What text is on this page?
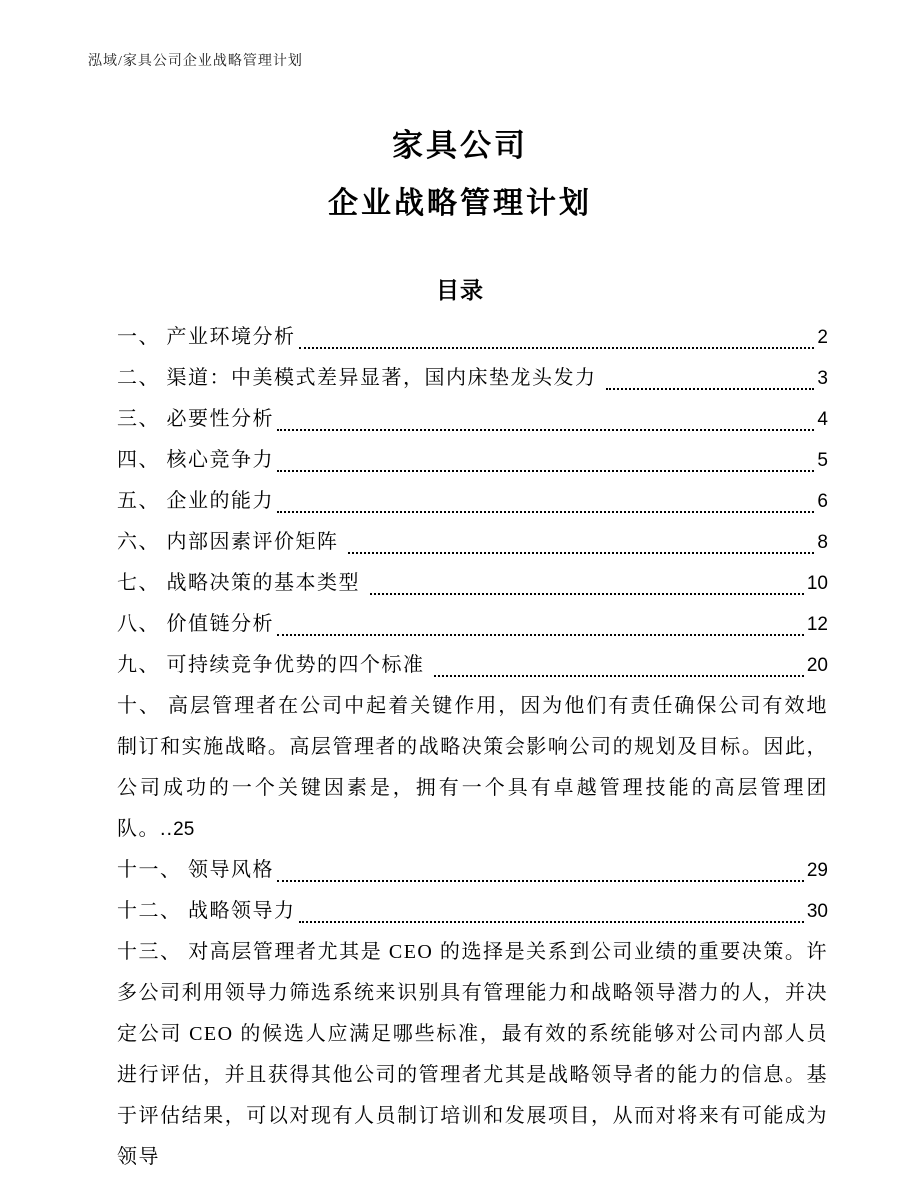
泓域/家具公司企业战略管理计划
家具公司
企业战略管理计划
目录
一、 产业环境分析	2
二、 渠道：中美模式差异显著，国内床垫龙头发力	3
三、 必要性分析	4
四、 核心竞争力	5
五、 企业的能力	6
六、 内部因素评价矩阵	8
七、 战略决策的基本类型	10
八、 价值链分析	12
九、 可持续竞争优势的四个标准	20
十、 高层管理者在公司中起着关键作用，因为他们有责任确保公司有效地制订和实施战略。高层管理者的战略决策会影响公司的规划及目标。因此，公司成功的一个关键因素是，拥有一个具有卓越管理技能的高层管理团队。..25
十一、 领导风格	29
十二、 战略领导力	30
十三、 对高层管理者尤其是 CEO 的选择是关系到公司业绩的重要决策。许多公司利用领导力筛选系统来识别具有管理能力和战略领导潜力的人，并决定公司 CEO 的候选人应满足哪些标准，最有效的系统能够对公司内部人员进行评估，并且获得其他公司的管理者尤其是战略领导者的能力的信息。基于评估结果，可以对现有人员制订培训和发展项目，从而对将来有可能成为领导
